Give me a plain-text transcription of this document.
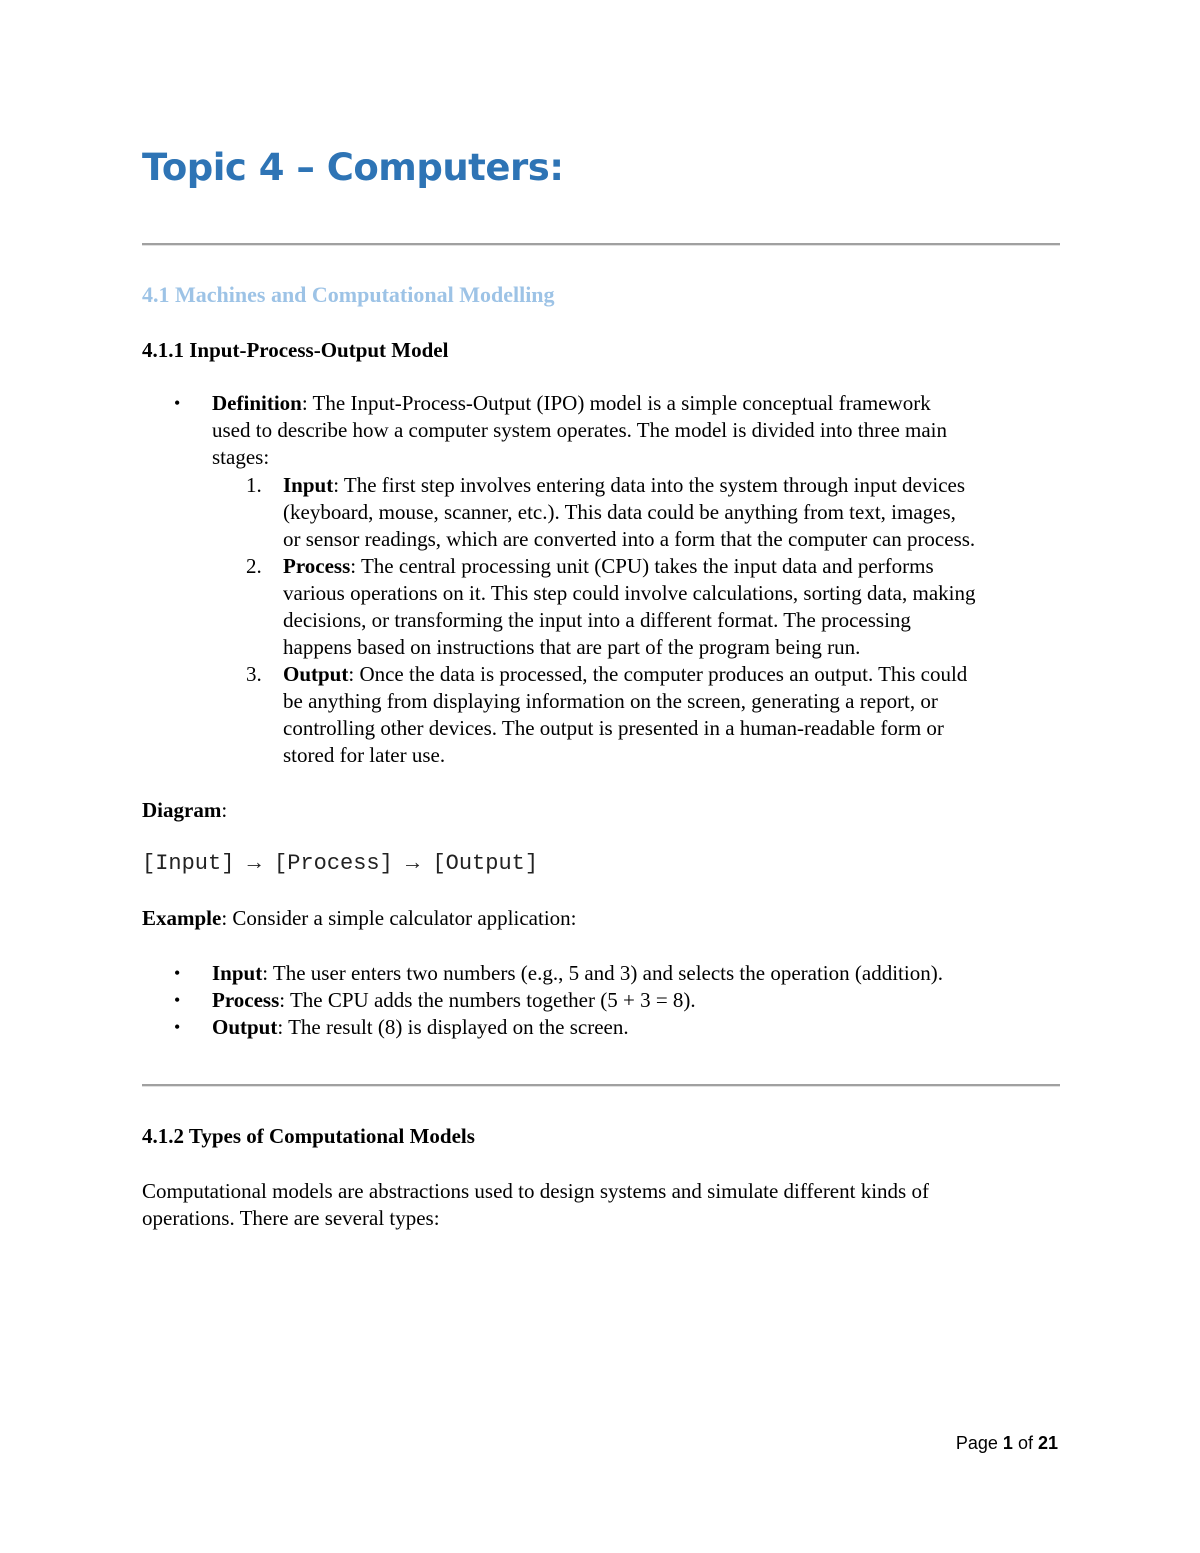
Topic 4 – Computers:
4.1 Machines and Computational Modelling
4.1.1 Input-Process-Output Model
• Definition: The Input-Process-Output (IPO) model is a simple conceptual framework
used to describe how a computer system operates. The model is divided into three main
stages:
1. Input: The first step involves entering data into the system through input devices
(keyboard, mouse, scanner, etc.). This data could be anything from text, images,
or sensor readings, which are converted into a form that the computer can process.
2. Process: The central processing unit (CPU) takes the input data and performs
various operations on it. This step could involve calculations, sorting data, making
decisions, or transforming the input into a different format. The processing
happens based on instructions that are part of the program being run.
3. Output: Once the data is processed, the computer produces an output. This could
be anything from displaying information on the screen, generating a report, or
controlling other devices. The output is presented in a human-readable form or
stored for later use.
Diagram:
[Input] → [Process] → [Output]
Example: Consider a simple calculator application:
• Input: The user enters two numbers (e.g., 5 and 3) and selects the operation (addition).
• Process: The CPU adds the numbers together (5 + 3 = 8).
• Output: The result (8) is displayed on the screen.
4.1.2 Types of Computational Models
Computational models are abstractions used to design systems and simulate different kinds of
operations. There are several types:
Page 1 of 21
